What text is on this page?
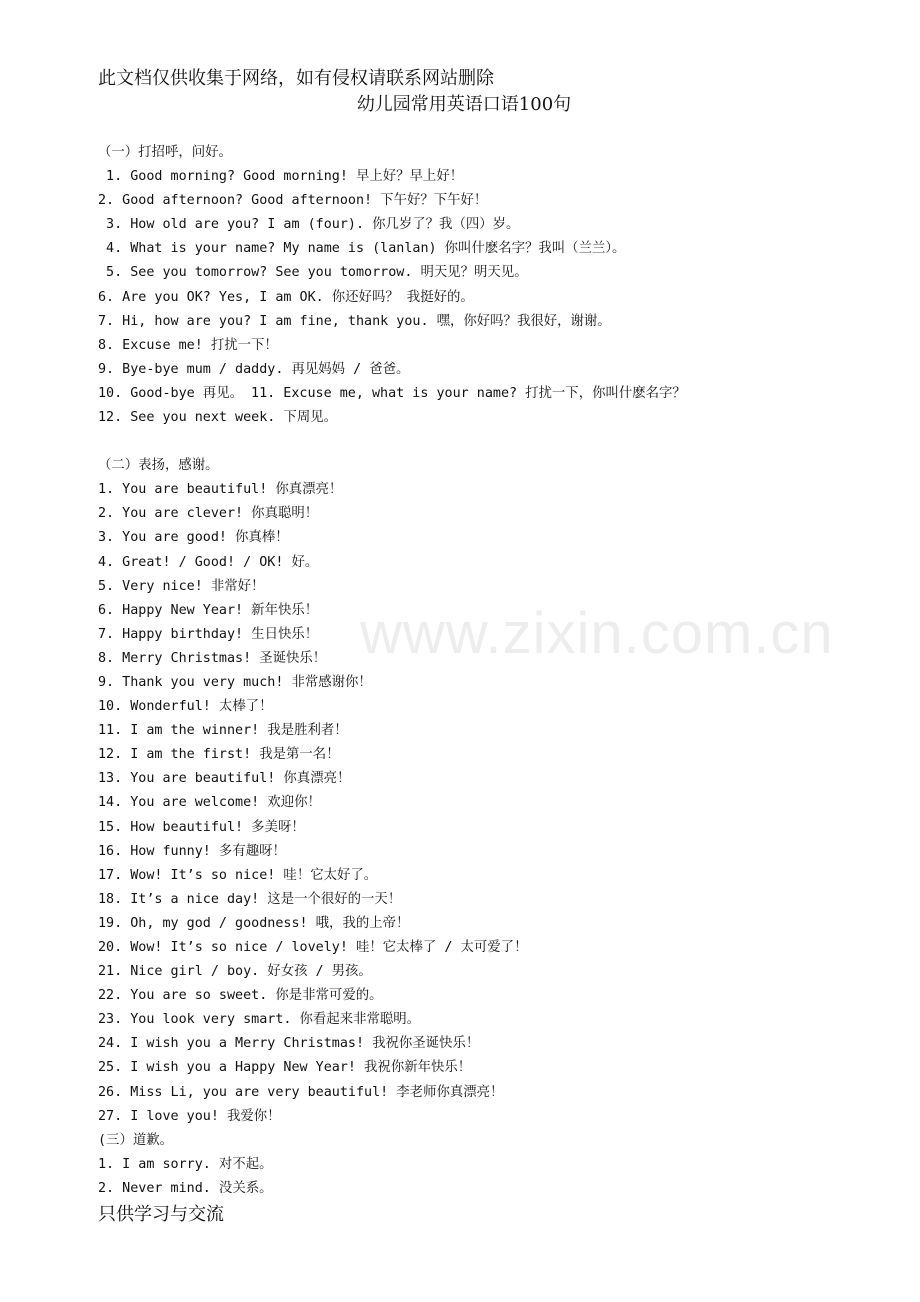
www.zixin.com.cn
此文档仅供收集于网络，如有侵权请联系网站删除
幼儿园常用英语口语100句
（一）打招呼，问好。
1. Good morning? Good morning! 早上好？早上好！
2. Good afternoon? Good afternoon! 下午好？下午好！
3. How old are you? I am (four). 你几岁了？我（四）岁。
4. What is your name? My name is (lanlan) 你叫什麽名字？我叫（兰兰）。
5. See you tomorrow? See you tomorrow. 明天见？明天见。
6. Are you OK? Yes, I am OK. 你还好吗？ 我挺好的。
7. Hi, how are you? I am fine, thank you. 嘿，你好吗？我很好，谢谢。
8. Excuse me! 打扰一下！
9. Bye-bye mum / daddy. 再见妈妈 / 爸爸。
10. Good-bye 再见。 11. Excuse me, what is your name? 打扰一下，你叫什麽名字？
12. See you next week. 下周见。
（二）表扬，感谢。
1. You are beautiful! 你真漂亮！
2. You are clever! 你真聪明！
3. You are good! 你真棒！
4. Great! / Good! / OK! 好。
5. Very nice! 非常好！
6. Happy New Year! 新年快乐！
7. Happy birthday! 生日快乐！
8. Merry Christmas! 圣诞快乐！
9. Thank you very much! 非常感谢你！
10. Wonderful! 太棒了！
11. I am the winner! 我是胜利者！
12. I am the first! 我是第一名！
13. You are beautiful! 你真漂亮！
14. You are welcome! 欢迎你！
15. How beautiful! 多美呀！
16. How funny! 多有趣呀！
17. Wow! It’s so nice! 哇！它太好了。
18. It’s a nice day! 这是一个很好的一天！
19. Oh, my god / goodness! 哦，我的上帝！
20. Wow! It’s so nice / lovely! 哇！它太棒了 / 太可爱了！
21. Nice girl / boy. 好女孩 / 男孩。
22. You are so sweet. 你是非常可爱的。
23. You look very smart. 你看起来非常聪明。
24. I wish you a Merry Christmas! 我祝你圣诞快乐！
25. I wish you a Happy New Year! 我祝你新年快乐！
26. Miss Li, you are very beautiful! 李老师你真漂亮！
27. I love you! 我爱你！
(三）道歉。
1. I am sorry. 对不起。
2. Never mind. 没关系。
只供学习与交流
